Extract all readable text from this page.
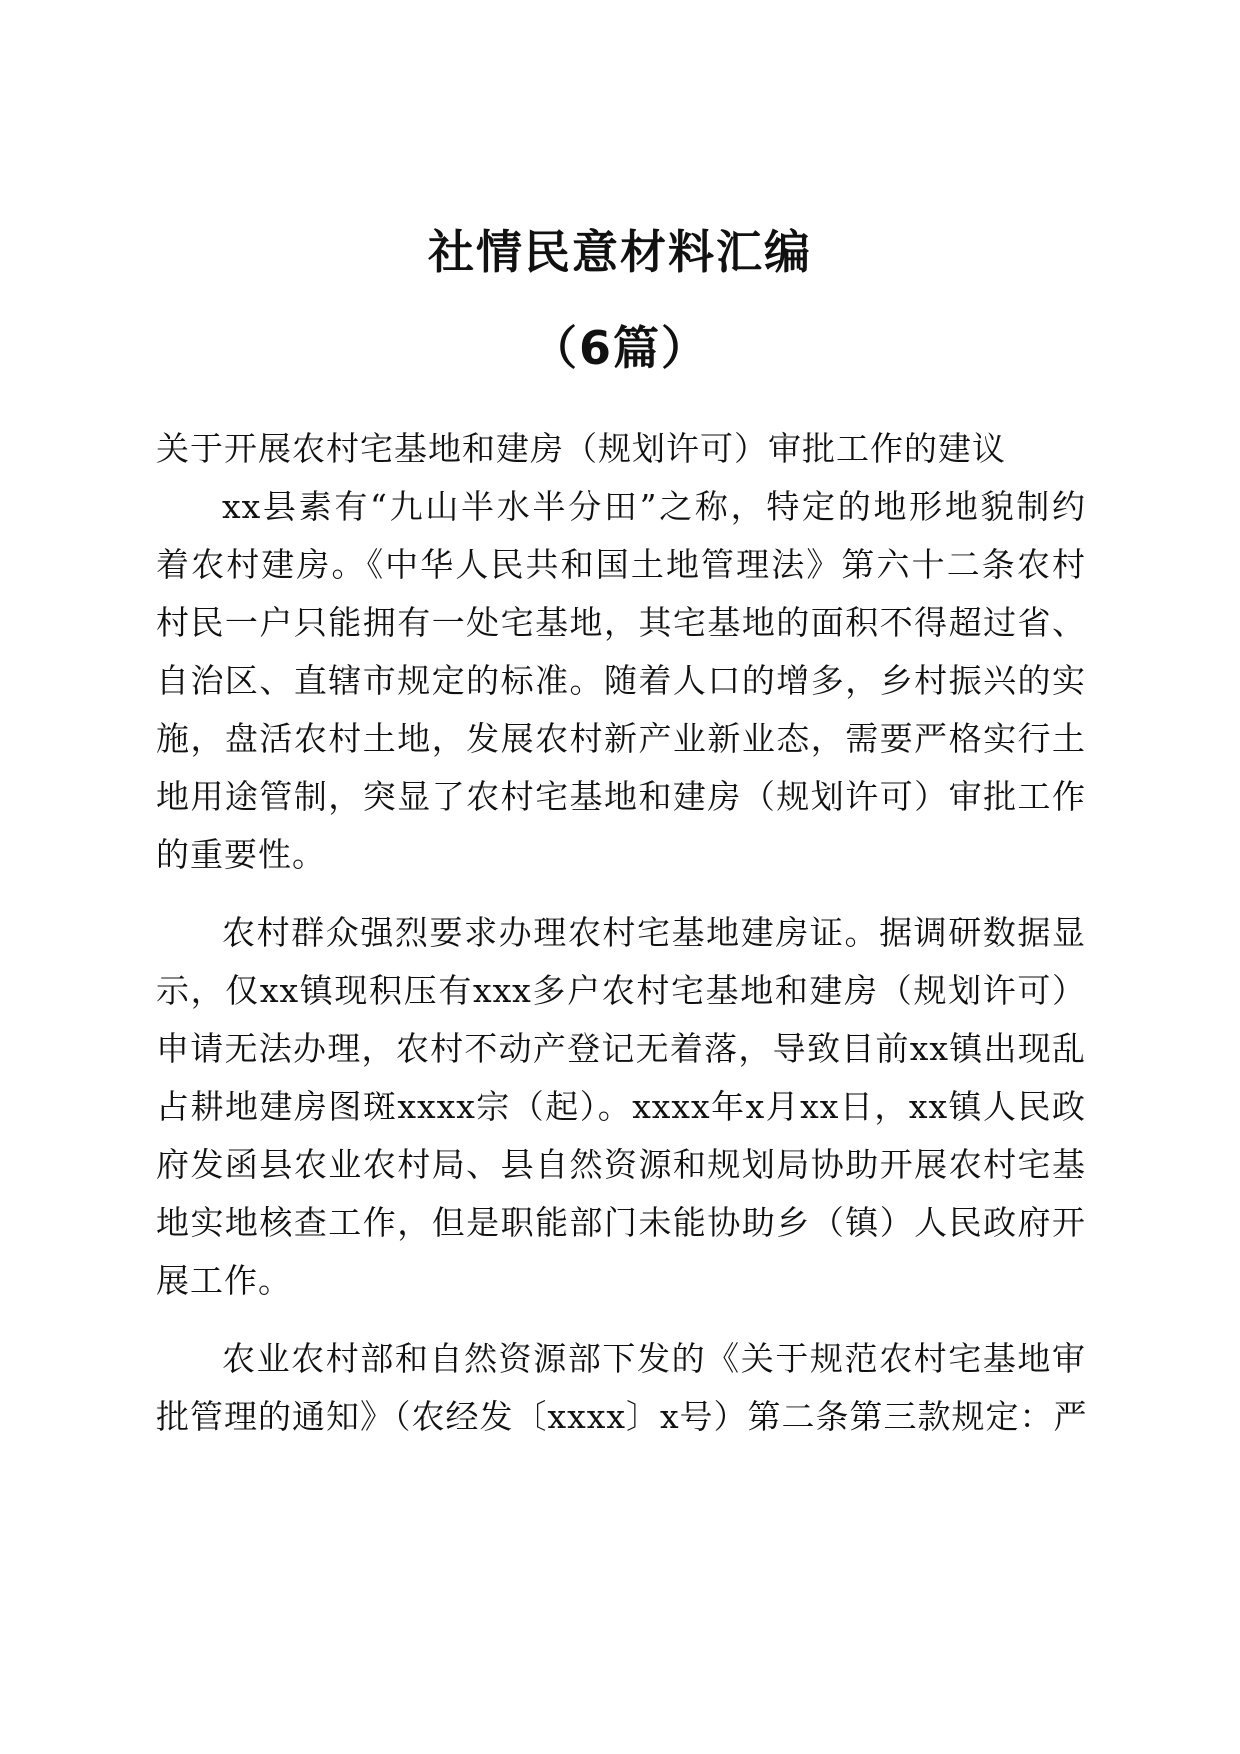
社情民意材料汇编
（6篇）
关于开展农村宅基地和建房（规划许可）审批工作的建议
xx县素有“九山半水半分田”之称，特定的地形地貌制约
着农村建房。《中华人民共和国土地管理法》第六十二条农村
村民一户只能拥有一处宅基地，其宅基地的面积不得超过省、
自治区、直辖市规定的标准。随着人口的增多，乡村振兴的实
施，盘活农村土地，发展农村新产业新业态，需要严格实行土
地用途管制，突显了农村宅基地和建房（规划许可）审批工作
的重要性。
农村群众强烈要求办理农村宅基地建房证。据调研数据显
示，仅xx镇现积压有xxx多户农村宅基地和建房（规划许可）
申请无法办理，农村不动产登记无着落，导致目前xx镇出现乱
占耕地建房图斑xxxx宗（起）。xxxx年x月xx日，xx镇人民政
府发函县农业农村局、县自然资源和规划局协助开展农村宅基
地实地核查工作，但是职能部门未能协助乡（镇）人民政府开
展工作。
农业农村部和自然资源部下发的《关于规范农村宅基地审
批管理的通知》（农经发〔xxxx〕x号）第二条第三款规定：严
